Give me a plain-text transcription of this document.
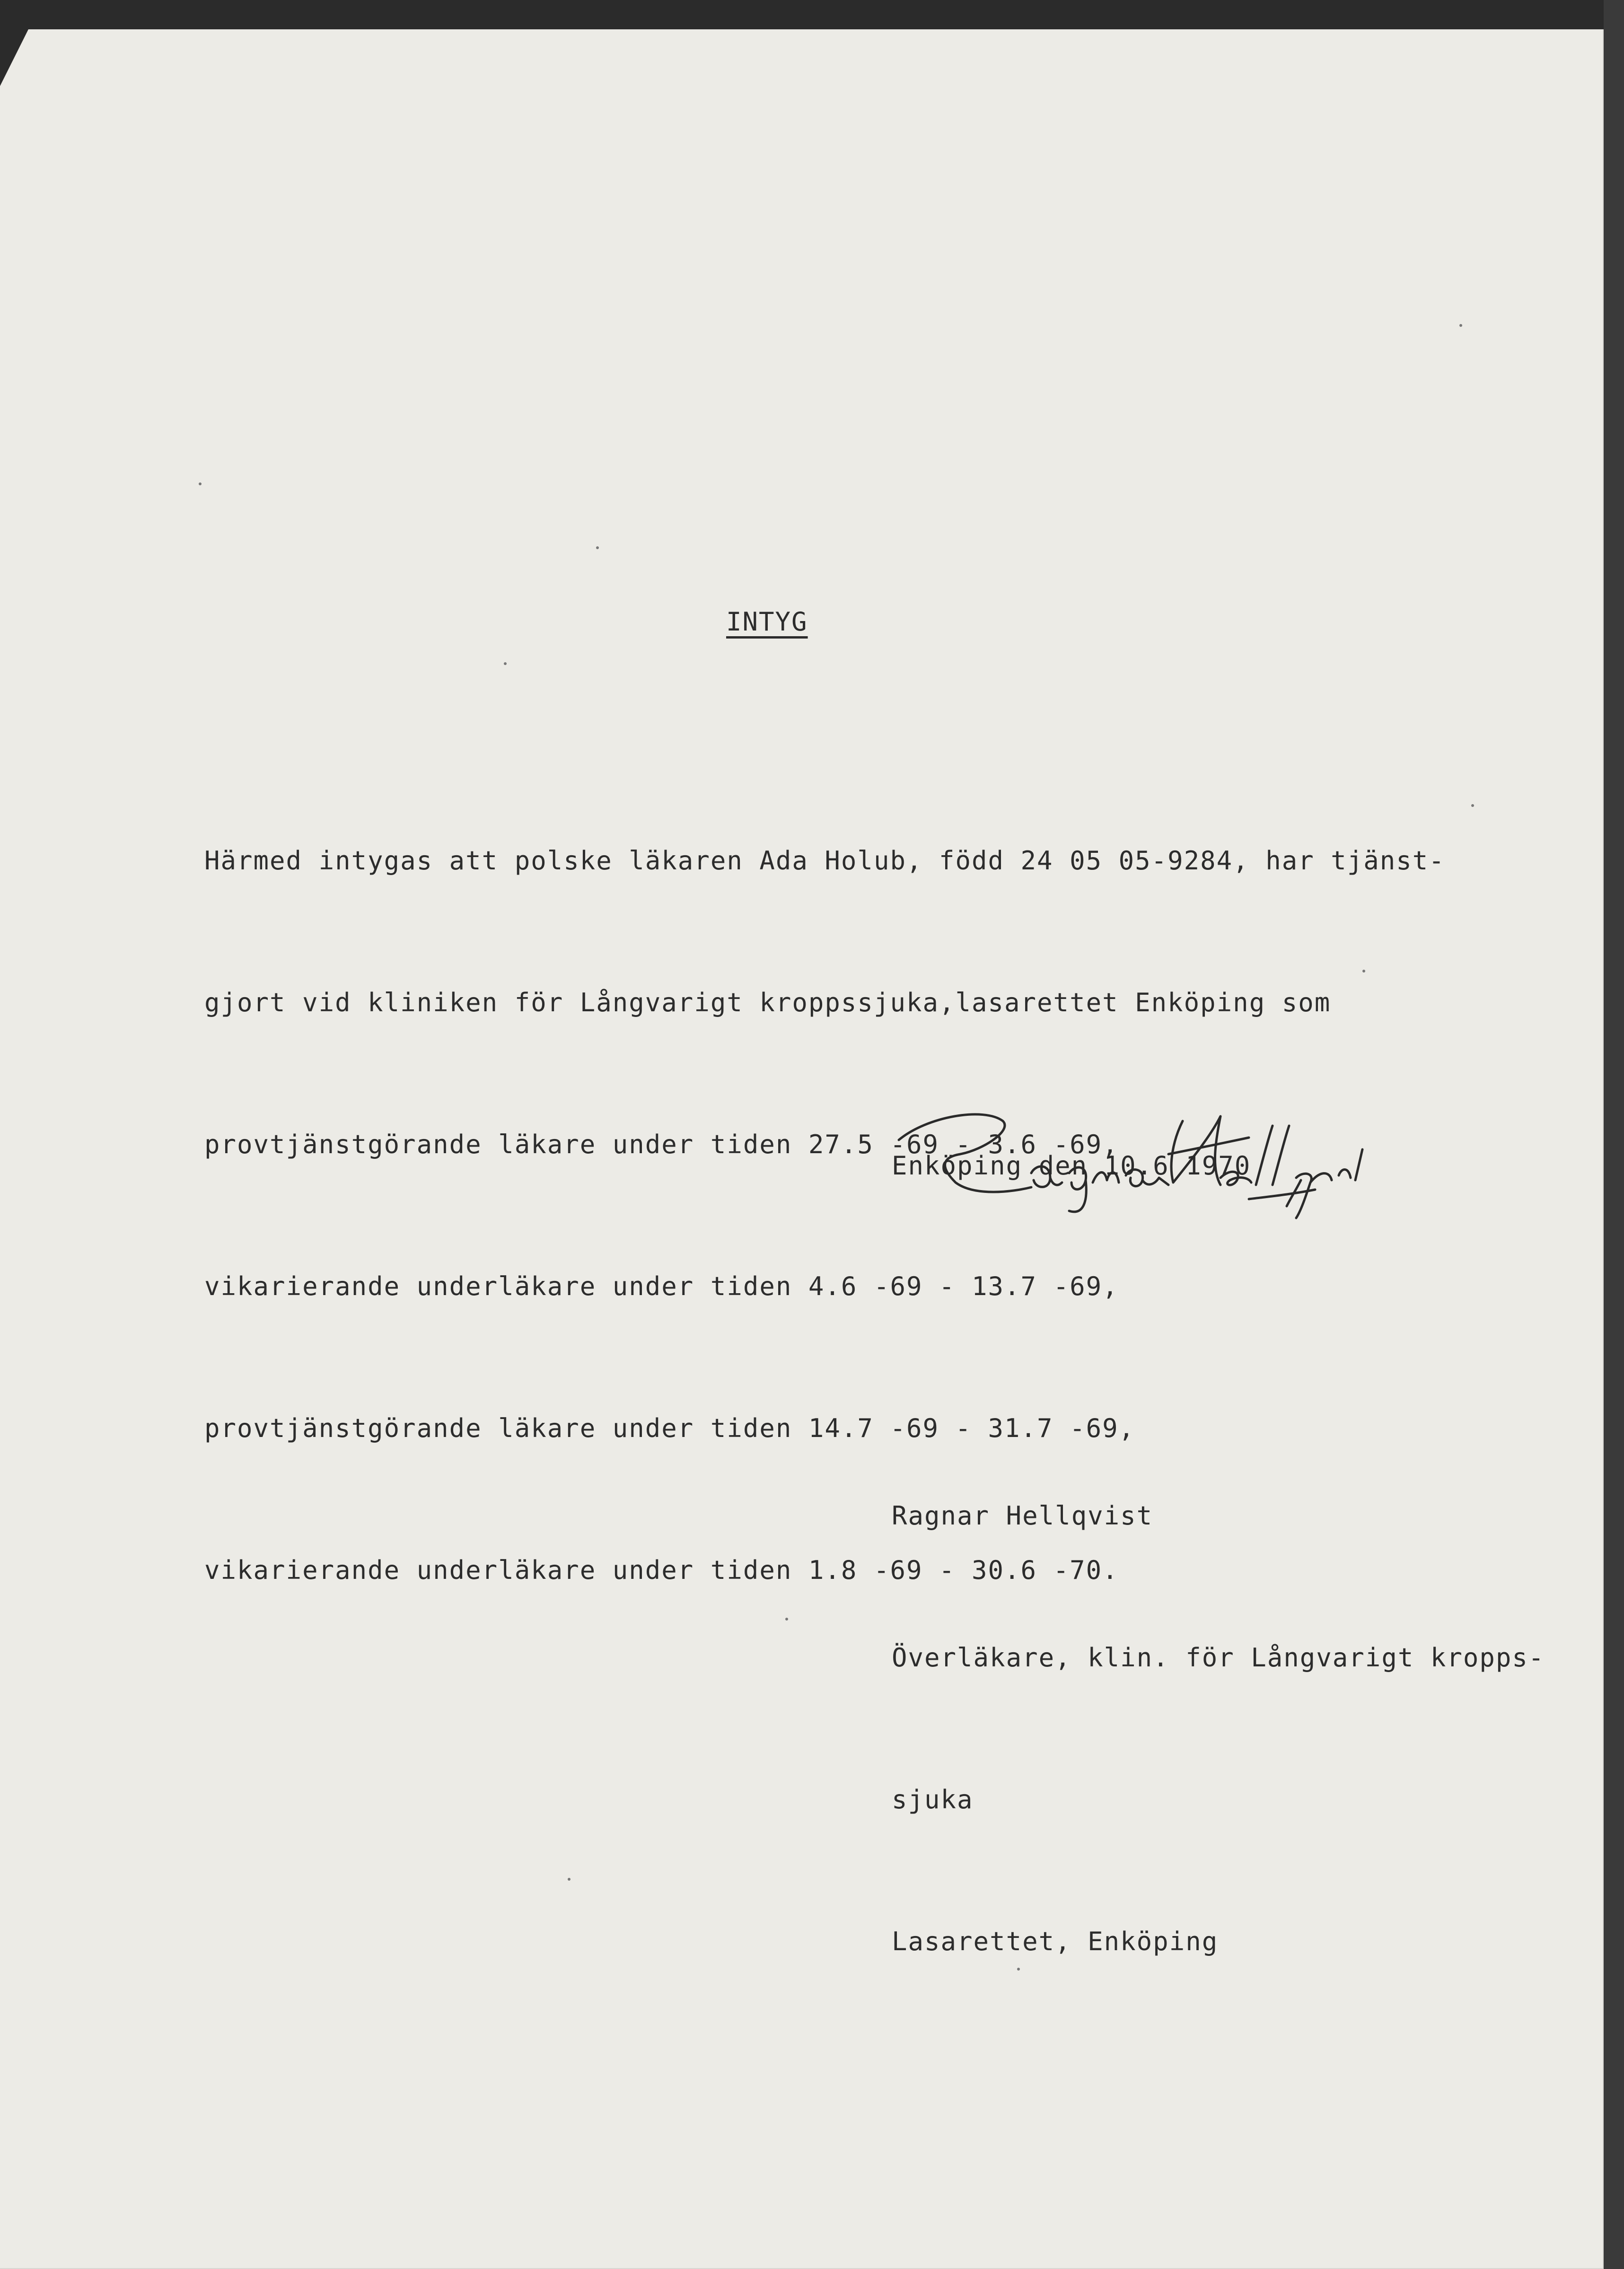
INTYG

Härmed intygas att polske läkaren Ada Holub, född 24 05 05-9284, har tjänst-

gjort vid kliniken för Långvarigt kroppssjuka,lasarettet Enköping som

provtjänstgörande läkare under tiden 27.5 -69 - 3.6 -69,

vikarierande underläkare under tiden 4.6 -69 - 13.7 -69,

provtjänstgörande läkare under tiden 14.7 -69 - 31.7 -69,

vikarierande underläkare under tiden 1.8 -69 - 30.6 -70.

Enköping den 10.6 1970

Ragnar Hellqvist

Överläkare, klin. för Långvarigt kropps-

sjuka

Lasarettet, Enköping
